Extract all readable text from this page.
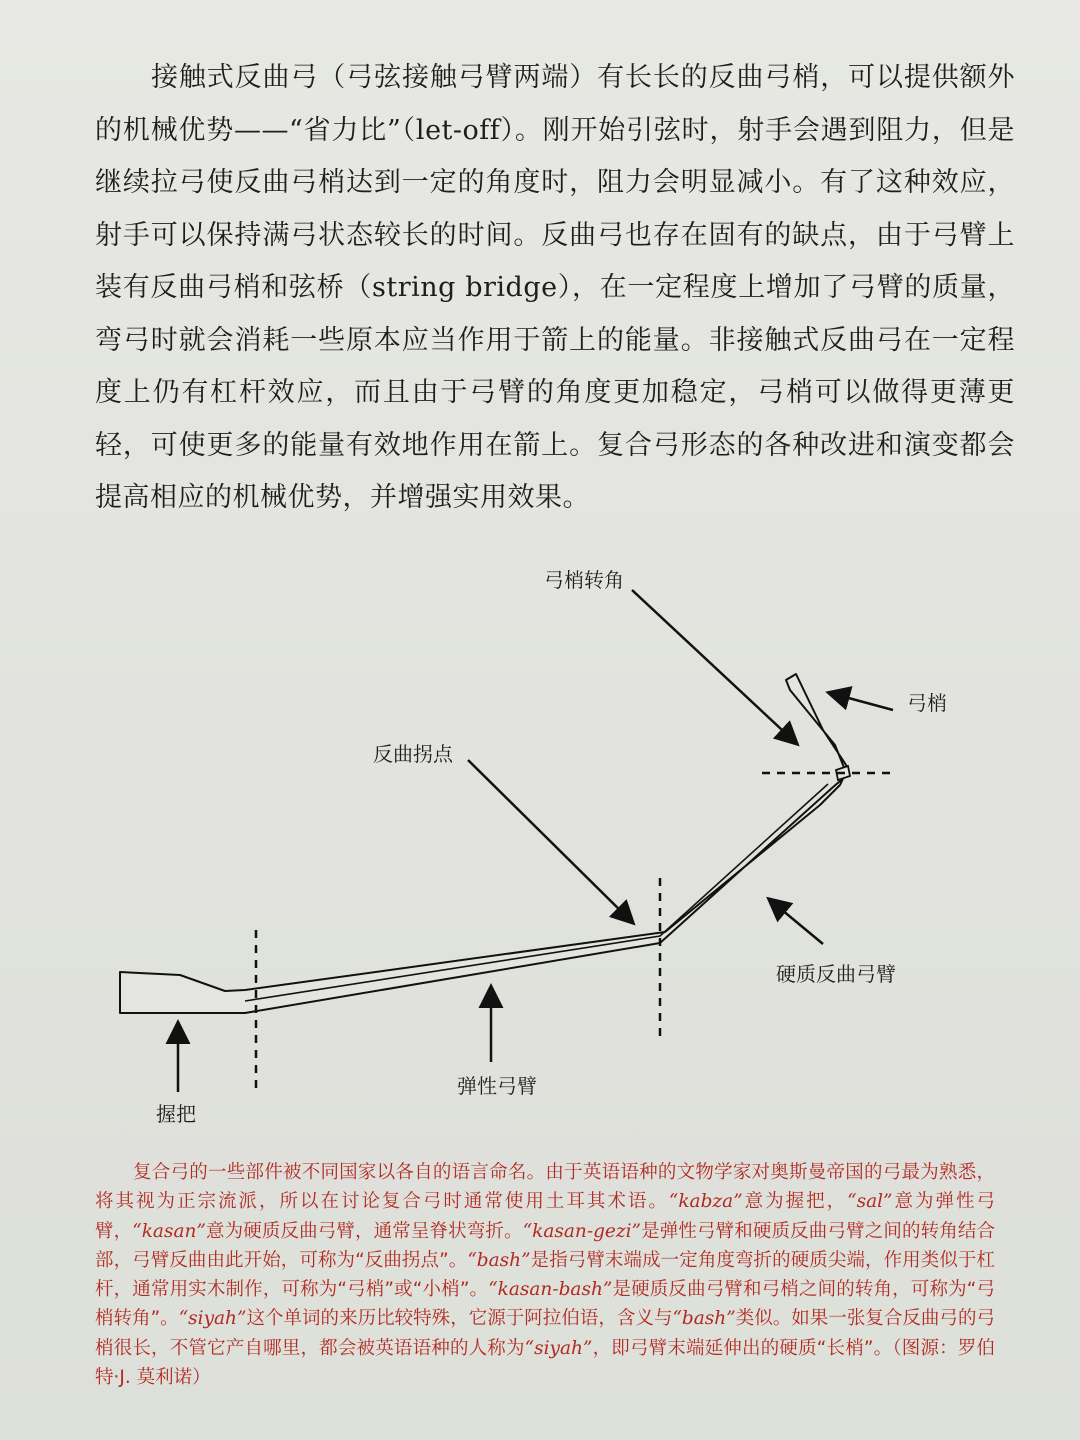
接触式反曲弓（弓弦接触弓臂两端）有长长的反曲弓梢，可以提供额外的机械优势——“省力比”（let-off）。刚开始引弦时，射手会遇到阻力，但是继续拉弓使反曲弓梢达到一定的角度时，阻力会明显减小。有了这种效应，射手可以保持满弓状态较长的时间。反曲弓也存在固有的缺点，由于弓臂上装有反曲弓梢和弦桥（string bridge），在一定程度上增加了弓臂的质量，弯弓时就会消耗一些原本应当作用于箭上的能量。非接触式反曲弓在一定程度上仍有杠杆效应，而且由于弓臂的角度更加稳定，弓梢可以做得更薄更轻，可使更多的能量有效地作用在箭上。复合弓形态的各种改进和演变都会提高相应的机械优势，并增强实用效果。

弓梢转角
弓梢
反曲拐点
硬质反曲弓臂
弹性弓臂
握把

复合弓的一些部件被不同国家以各自的语言命名。由于英语语种的文物学家对奥斯曼帝国的弓最为熟悉，将其视为正宗流派，所以在讨论复合弓时通常使用土耳其术语。“kabza”意为握把，“sal”意为弹性弓臂，“kasan”意为硬质反曲弓臂，通常呈脊状弯折。“kasan-gezi”是弹性弓臂和硬质反曲弓臂之间的转角结合部，弓臂反曲由此开始，可称为“反曲拐点”。“bash”是指弓臂末端成一定角度弯折的硬质尖端，作用类似于杠杆，通常用实木制作，可称为“弓梢”或“小梢”。“kasan-bash”是硬质反曲弓臂和弓梢之间的转角，可称为“弓梢转角”。“siyah”这个单词的来历比较特殊，它源于阿拉伯语，含义与“bash”类似。如果一张复合反曲弓的弓梢很长，不管它产自哪里，都会被英语语种的人称为“siyah”，即弓臂末端延伸出的硬质“长梢”。（图源：罗伯特·J. 莫利诺）
